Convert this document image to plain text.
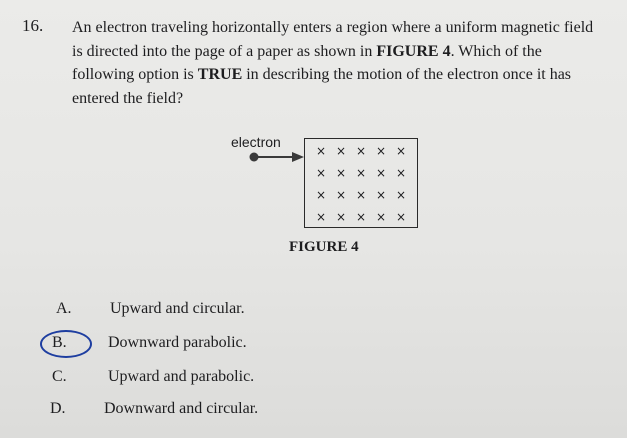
16. An electron traveling horizontally enters a region where a uniform magnetic field

is directed into the page of a paper as shown in FIGURE 4. Which of the

following option is TRUE in describing the motion of the electron once it has

entered the field?

electron
× × × × ×
× × × × ×
× × × × ×
× × × × ×
FIGURE 4
A.	Upward and circular.
B.	Downward parabolic.
C.	Upward and parabolic.
D.	Downward and circular.
